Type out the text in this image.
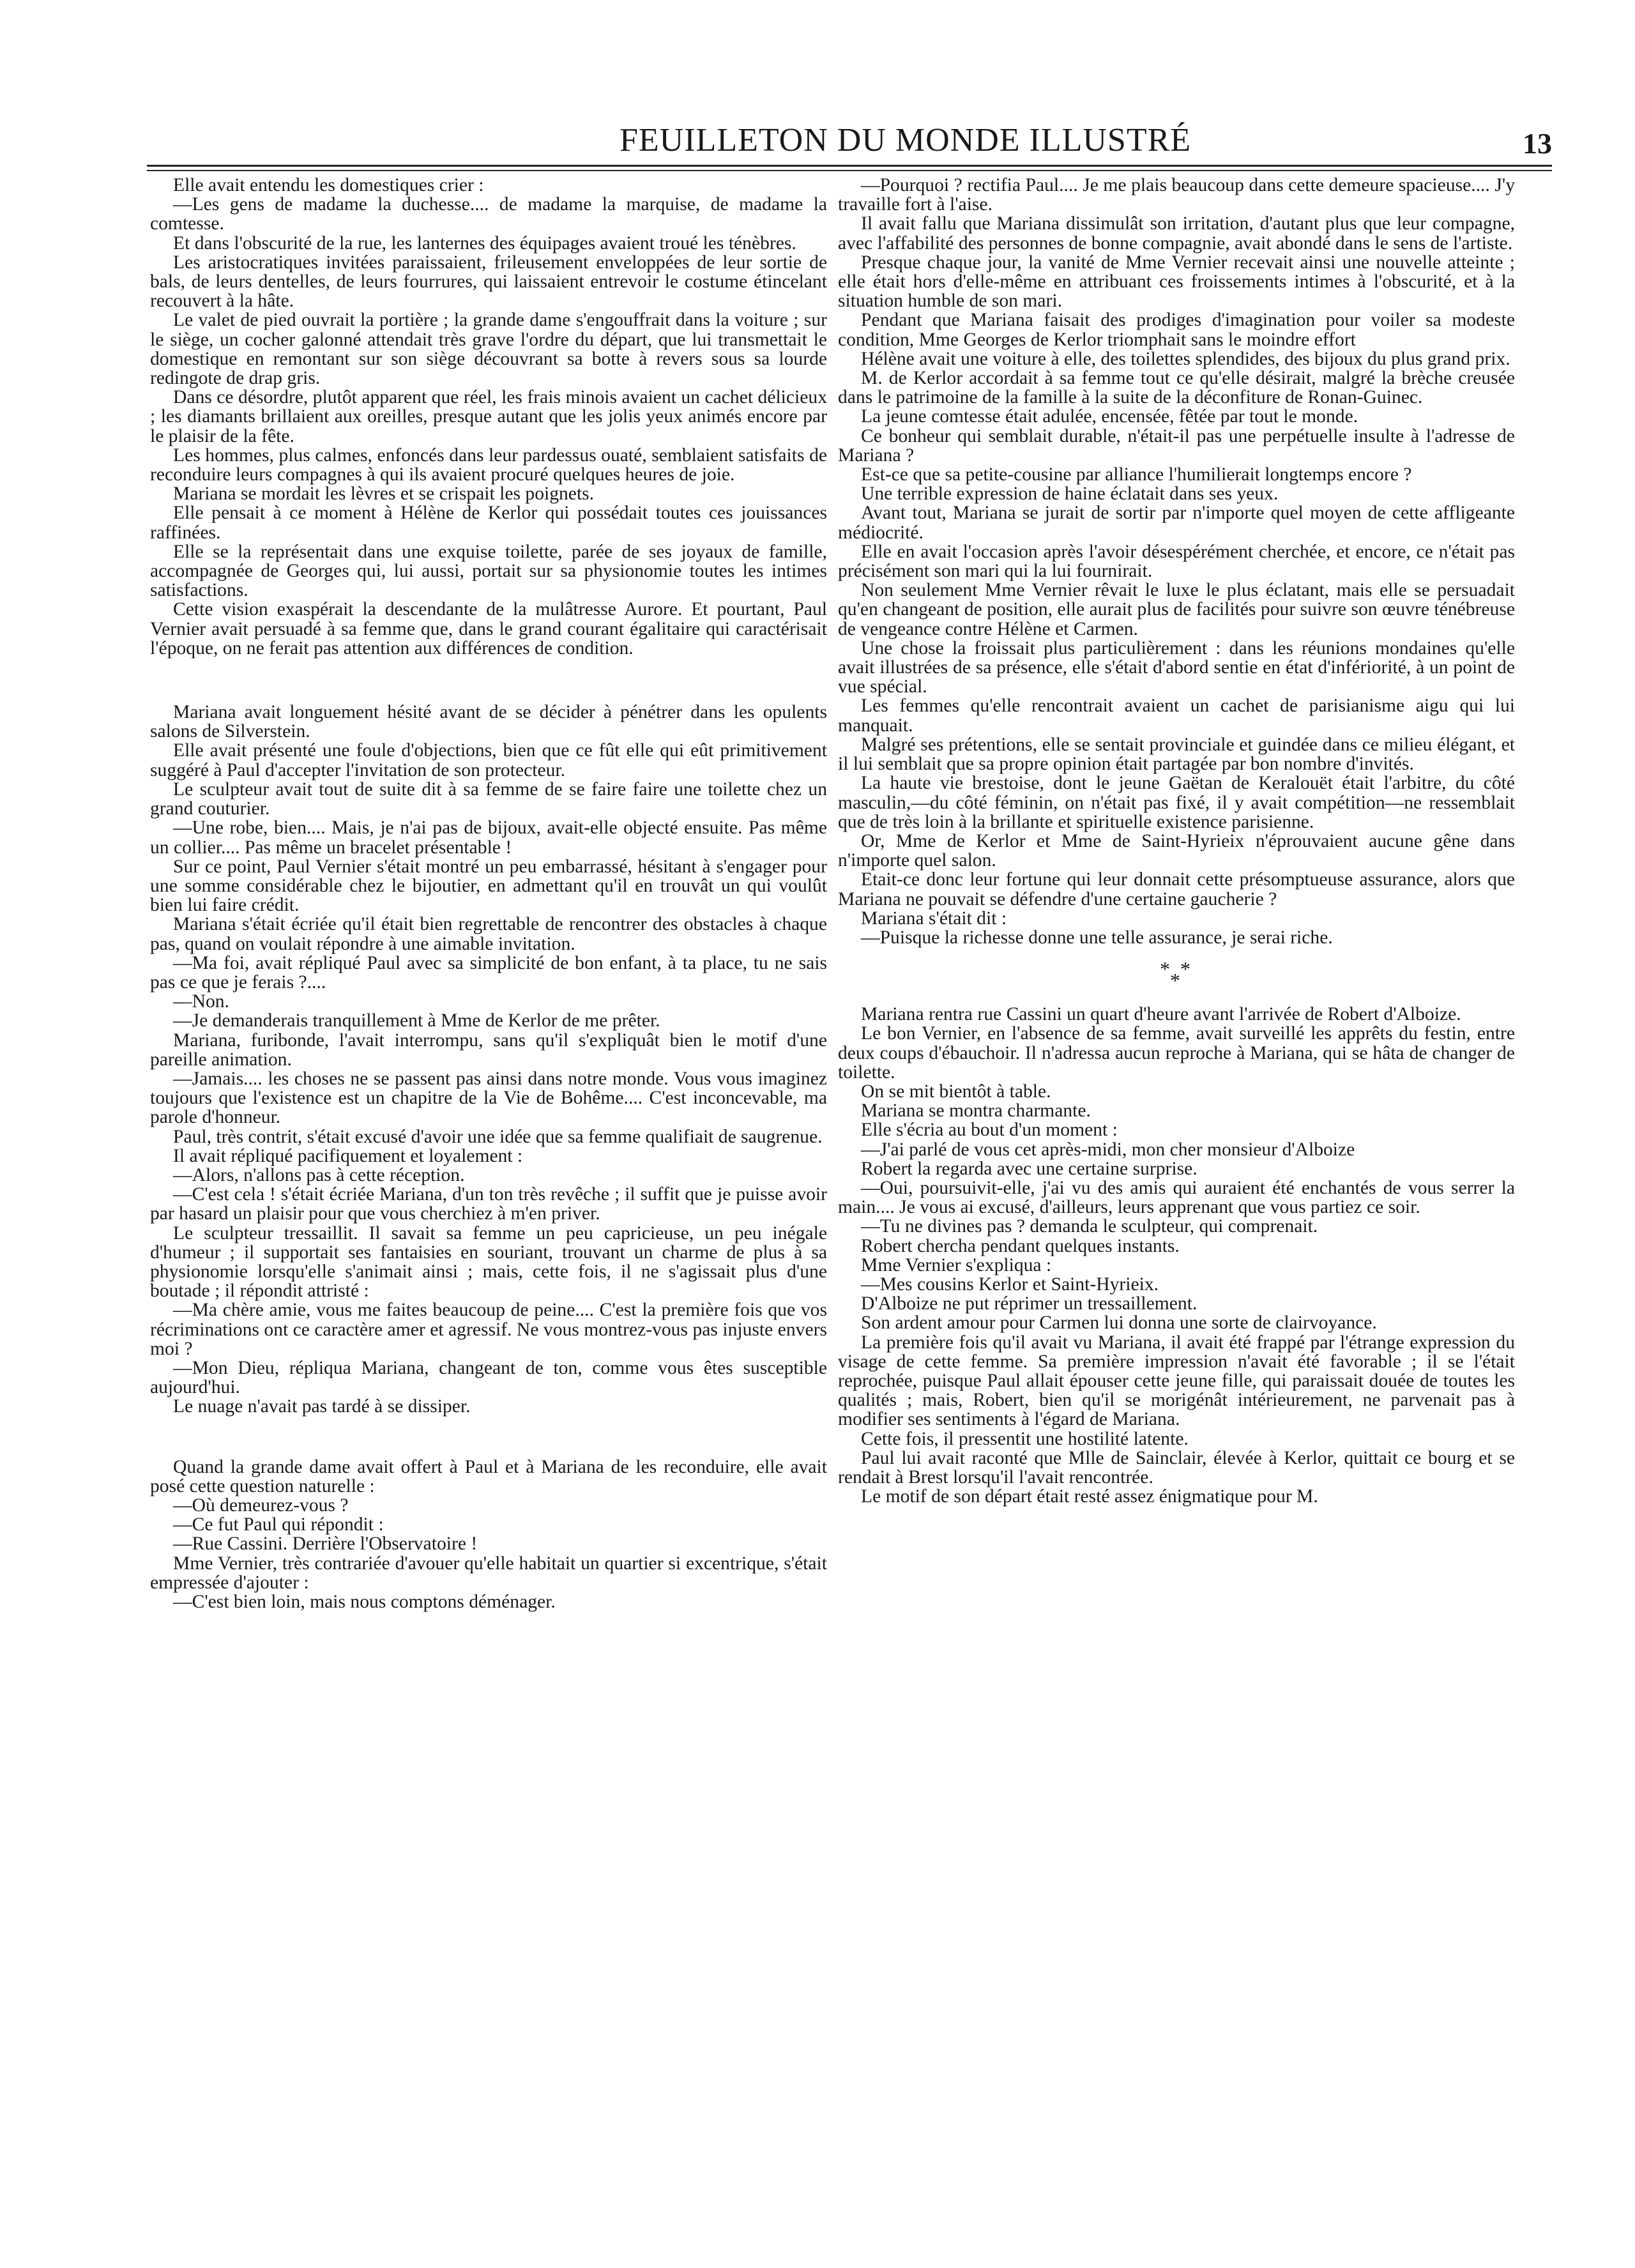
FEUILLETON DU MONDE ILLUSTRÉ	13

Elle avait entendu les domestiques crier :

—Les gens de madame la duchesse.... de madame la marquise, de madame la comtesse.

Et dans l'obscurité de la rue, les lanternes des équipages avaient troué les ténèbres.

Les aristocratiques invitées paraissaient, frileusement enveloppées de leur sortie de bals, de leurs dentelles, de leurs fourrures, qui laissaient entrevoir le costume étincelant recouvert à la hâte.

Le valet de pied ouvrait la portière ; la grande dame s'engouffrait dans la voiture ; sur le siège, un cocher galonné attendait très grave l'ordre du départ, que lui transmettait le domestique en remontant sur son siège découvrant sa botte à revers sous sa lourde redingote de drap gris.

Dans ce désordre, plutôt apparent que réel, les frais minois avaient un cachet délicieux ; les diamants brillaient aux oreilles, presque autant que les jolis yeux animés encore par le plaisir de la fête.

Les hommes, plus calmes, enfoncés dans leur pardessus ouaté, semblaient satisfaits de reconduire leurs compagnes à qui ils avaient procuré quelques heures de joie.

Mariana se mordait les lèvres et se crispait les poignets.

Elle pensait à ce moment à Hélène de Kerlor qui possédait toutes ces jouissances raffinées.

Elle se la représentait dans une exquise toilette, parée de ses joyaux de famille, accompagnée de Georges qui, lui aussi, portait sur sa physionomie toutes les intimes satisfactions.

Cette vision exaspérait la descendante de la mulâtresse Aurore. Et pourtant, Paul Vernier avait persuadé à sa femme que, dans le grand courant égalitaire qui caractérisait l'époque, on ne ferait pas attention aux différences de condition.

Mariana avait longuement hésité avant de se décider à pénétrer dans les opulents salons de Silverstein.

Elle avait présenté une foule d'objections, bien que ce fût elle qui eût primitivement suggéré à Paul d'accepter l'invitation de son protecteur.

Le sculpteur avait tout de suite dit à sa femme de se faire faire une toilette chez un grand couturier.

—Une robe, bien.... Mais, je n'ai pas de bijoux, avait-elle objecté ensuite. Pas même un collier.... Pas même un bracelet présentable !

Sur ce point, Paul Vernier s'était montré un peu embarrassé, hésitant à s'engager pour une somme considérable chez le bijoutier, en admettant qu'il en trouvât un qui voulût bien lui faire crédit.

Mariana s'était écriée qu'il était bien regrettable de rencontrer des obstacles à chaque pas, quand on voulait répondre à une aimable invitation.

—Ma foi, avait répliqué Paul avec sa simplicité de bon enfant, à ta place, tu ne sais pas ce que je ferais ?....

—Non.

—Je demanderais tranquillement à Mme de Kerlor de me prêter.

Mariana, furibonde, l'avait interrompu, sans qu'il s'expliquât bien le motif d'une pareille animation.

—Jamais.... les choses ne se passent pas ainsi dans notre monde. Vous vous imaginez toujours que l'existence est un chapitre de la Vie de Bohême.... C'est inconcevable, ma parole d'honneur.

Paul, très contrit, s'était excusé d'avoir une idée que sa femme qualifiait de saugrenue.

Il avait répliqué pacifiquement et loyalement :

—Alors, n'allons pas à cette réception.

—C'est cela ! s'était écriée Mariana, d'un ton très revêche ; il suffit que je puisse avoir par hasard un plaisir pour que vous cherchiez à m'en priver.

Le sculpteur tressaillit. Il savait sa femme un peu capricieuse, un peu inégale d'humeur ; il supportait ses fantaisies en souriant, trouvant un charme de plus à sa physionomie lorsqu'elle s'animait ainsi ; mais, cette fois, il ne s'agissait plus d'une boutade ; il répondit attristé :

—Ma chère amie, vous me faites beaucoup de peine.... C'est la première fois que vos récriminations ont ce caractère amer et agressif. Ne vous montrez-vous pas injuste envers moi ?

—Mon Dieu, répliqua Mariana, changeant de ton, comme vous êtes susceptible aujourd'hui.

Le nuage n'avait pas tardé à se dissiper.

Quand la grande dame avait offert à Paul et à Mariana de les reconduire, elle avait posé cette question naturelle :

—Où demeurez-vous ?

—Ce fut Paul qui répondit :

—Rue Cassini. Derrière l'Observatoire !

Mme Vernier, très contrariée d'avouer qu'elle habitait un quartier si excentrique, s'était empressée d'ajouter :

—C'est bien loin, mais nous comptons déménager.

—Pourquoi ? rectifia Paul.... Je me plais beaucoup dans cette demeure spacieuse.... J'y travaille fort à l'aise.

Il avait fallu que Mariana dissimulât son irritation, d'autant plus que leur compagne, avec l'affabilité des personnes de bonne compagnie, avait abondé dans le sens de l'artiste.

Presque chaque jour, la vanité de Mme Vernier recevait ainsi une nouvelle atteinte ; elle était hors d'elle-même en attribuant ces froissements intimes à l'obscurité, et à la situation humble de son mari.

Pendant que Mariana faisait des prodiges d'imagination pour voiler sa modeste condition, Mme Georges de Kerlor triomphait sans le moindre effort

Hélène avait une voiture à elle, des toilettes splendides, des bijoux du plus grand prix.

M. de Kerlor accordait à sa femme tout ce qu'elle désirait, malgré la brèche creusée dans le patrimoine de la famille à la suite de la déconfiture de Ronan-Guinec.

La jeune comtesse était adulée, encensée, fêtée par tout le monde.

Ce bonheur qui semblait durable, n'était-il pas une perpétuelle insulte à l'adresse de Mariana ?

Est-ce que sa petite-cousine par alliance l'humilierait longtemps encore ?

Une terrible expression de haine éclatait dans ses yeux.

Avant tout, Mariana se jurait de sortir par n'importe quel moyen de cette affligeante médiocrité.

Elle en avait l'occasion après l'avoir désespérément cherchée, et encore, ce n'était pas précisément son mari qui la lui fournirait.

Non seulement Mme Vernier rêvait le luxe le plus éclatant, mais elle se persuadait qu'en changeant de position, elle aurait plus de facilités pour suivre son œuvre ténébreuse de vengeance contre Hélène et Carmen.

Une chose la froissait plus particulièrement : dans les réunions mondaines qu'elle avait illustrées de sa présence, elle s'était d'abord sentie en état d'infériorité, à un point de vue spécial.

Les femmes qu'elle rencontrait avaient un cachet de parisianisme aigu qui lui manquait.

Malgré ses prétentions, elle se sentait provinciale et guindée dans ce milieu élégant, et il lui semblait que sa propre opinion était partagée par bon nombre d'invités.

La haute vie brestoise, dont le jeune Gaëtan de Keralouët était l'arbitre, du côté masculin,—du côté féminin, on n'était pas fixé, il y avait compétition—ne ressemblait que de très loin à la brillante et spirituelle existence parisienne.

Or, Mme de Kerlor et Mme de Saint-Hyrieix n'éprouvaient aucune gêne dans n'importe quel salon.

Etait-ce donc leur fortune qui leur donnait cette présomptueuse assurance, alors que Mariana ne pouvait se défendre d'une certaine gaucherie ?

Mariana s'était dit :

—Puisque la richesse donne une telle assurance, je serai riche.

* *
*

Mariana rentra rue Cassini un quart d'heure avant l'arrivée de Robert d'Alboize.

Le bon Vernier, en l'absence de sa femme, avait surveillé les apprêts du festin, entre deux coups d'ébauchoir. Il n'adressa aucun reproche à Mariana, qui se hâta de changer de toilette.

On se mit bientôt à table.

Mariana se montra charmante.

Elle s'écria au bout d'un moment :

—J'ai parlé de vous cet après-midi, mon cher monsieur d'Alboize

Robert la regarda avec une certaine surprise.

—Oui, poursuivit-elle, j'ai vu des amis qui auraient été enchantés de vous serrer la main.... Je vous ai excusé, d'ailleurs, leurs apprenant que vous partiez ce soir.

—Tu ne divines pas ? demanda le sculpteur, qui comprenait.

Robert chercha pendant quelques instants.

Mme Vernier s'expliqua :

—Mes cousins Kerlor et Saint-Hyrieix.

D'Alboize ne put réprimer un tressaillement.

Son ardent amour pour Carmen lui donna une sorte de clairvoyance.

La première fois qu'il avait vu Mariana, il avait été frappé par l'étrange expression du visage de cette femme. Sa première impression n'avait été favorable ; il se l'était reprochée, puisque Paul allait épouser cette jeune fille, qui paraissait douée de toutes les qualités ; mais, Robert, bien qu'il se morigénât intérieurement, ne parvenait pas à modifier ses sentiments à l'égard de Mariana.

Cette fois, il pressentit une hostilité latente.

Paul lui avait raconté que Mlle de Sainclair, élevée à Kerlor, quittait ce bourg et se rendait à Brest lorsqu'il l'avait rencontrée.

Le motif de son départ était resté assez énigmatique pour M.
